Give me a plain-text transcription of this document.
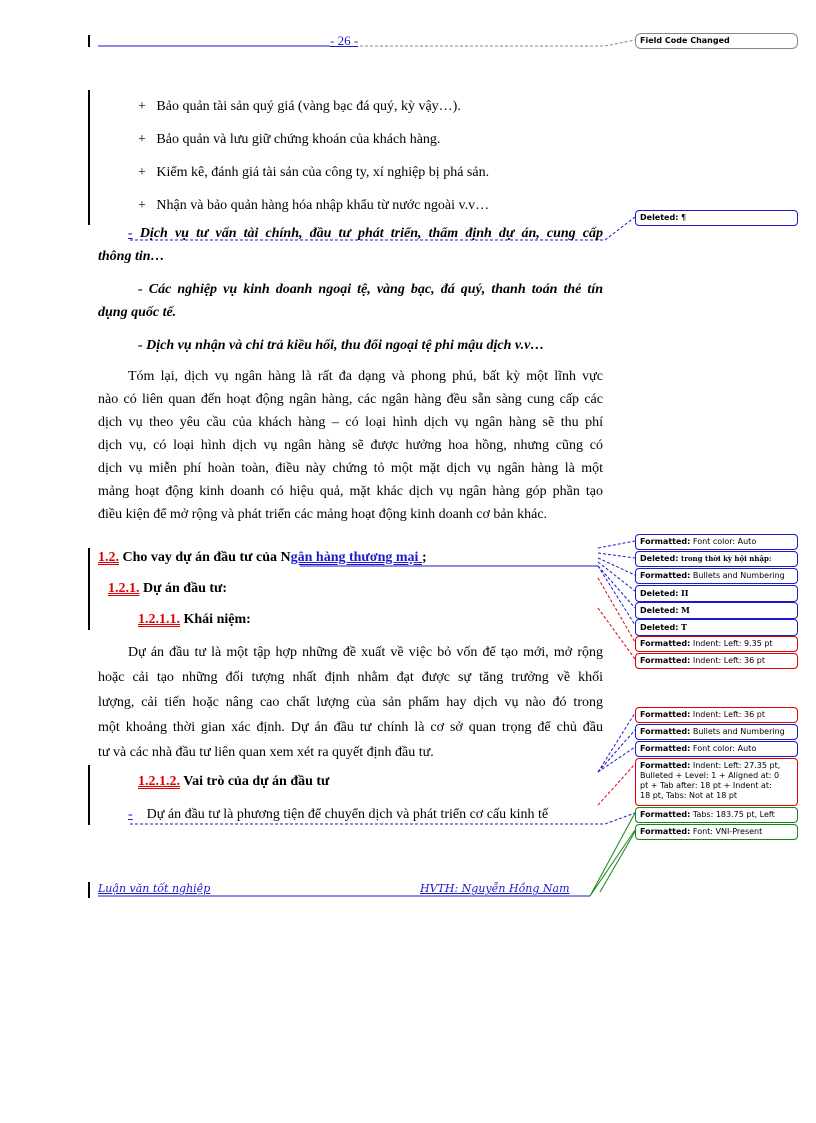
- 26 -
+ Bảo quản tài sản quý giá (vàng bạc đá quý, kỳ vậy…).
+ Bảo quản và lưu giữ chứng khoán của khách hàng.
+ Kiểm kê, đánh giá tài sản của công ty, xí nghiệp bị phá sản.
+ Nhận và bảo quản hàng hóa nhập khẩu từ nước ngoài v.v…
- Dịch vụ tư vấn tài chính, đầu tư phát triển, thẩm định dự án, cung cấp
thông tin…
- Các nghiệp vụ kinh doanh ngoại tệ, vàng bạc, đá quý, thanh toán thẻ tín
dụng quốc tế.
- Dịch vụ nhận và chi trả kiều hối, thu đổi ngoại tệ phi mậu dịch v.v…
Tóm lại, dịch vụ ngân hàng là rất đa dạng và phong phú, bất kỳ một lĩnh vực
nào có liên quan đến hoạt động ngân hàng, các ngân hàng đều sẵn sàng cung cấp các
dịch vụ theo yêu cầu của khách hàng – có loại hình dịch vụ ngân hàng sẽ thu phí
dịch vụ, có loại hình dịch vụ ngân hàng sẽ được hưởng hoa hồng, nhưng cũng có
dịch vụ miễn phí hoàn toàn, điều này chứng tỏ một mặt dịch vụ ngân hàng là một
mảng hoạt động kinh doanh có hiệu quả, mặt khác dịch vụ ngân hàng góp phần tạo
điều kiện để mở rộng và phát triển các mảng hoạt động kinh doanh cơ bản khác.
1.2. Cho vay dự án đầu tư của Ngân hàng thương mại ;
1.2.1. Dự án đầu tư:
1.2.1.1. Khái niệm:
Dự án đầu tư là một tập hợp những đề xuất về việc bỏ vốn để tạo mới, mở rộng
hoặc cải tạo những đối tượng nhất định nhằm đạt được sự tăng trưởng về khối
lượng, cải tiến hoặc nâng cao chất lượng của sản phẩm hay dịch vụ nào đó trong
một khoảng thời gian xác định. Dự án đầu tư chính là cơ sở quan trọng để chủ đầu
tư và các nhà đầu tư liên quan xem xét ra quyết định đầu tư.
1.2.1.2. Vai trò của dự án đầu tư
- Dự án đầu tư là phương tiện để chuyển dịch và phát triển cơ cấu kinh tế
Luận văn tốt nghiệp	HVTH: Nguyễn Hồng Nam
Field Code Changed
Deleted: ¶
Formatted: Font color: Auto
Deleted: trong thời kỳ hội nhập:
Formatted: Bullets and Numbering
Deleted: II
Deleted: M
Deleted: T
Formatted: Indent: Left: 9.35 pt
Formatted: Indent: Left: 36 pt
Formatted: Indent: Left: 36 pt
Formatted: Bullets and Numbering
Formatted: Font color: Auto
Formatted: Indent: Left: 27.35 pt,
Bulleted + Level: 1 + Aligned at: 0
pt + Tab after: 18 pt + Indent at:
18 pt, Tabs: Not at 18 pt
Formatted: Tabs: 183.75 pt, Left
Formatted: Font: VNI-Present
